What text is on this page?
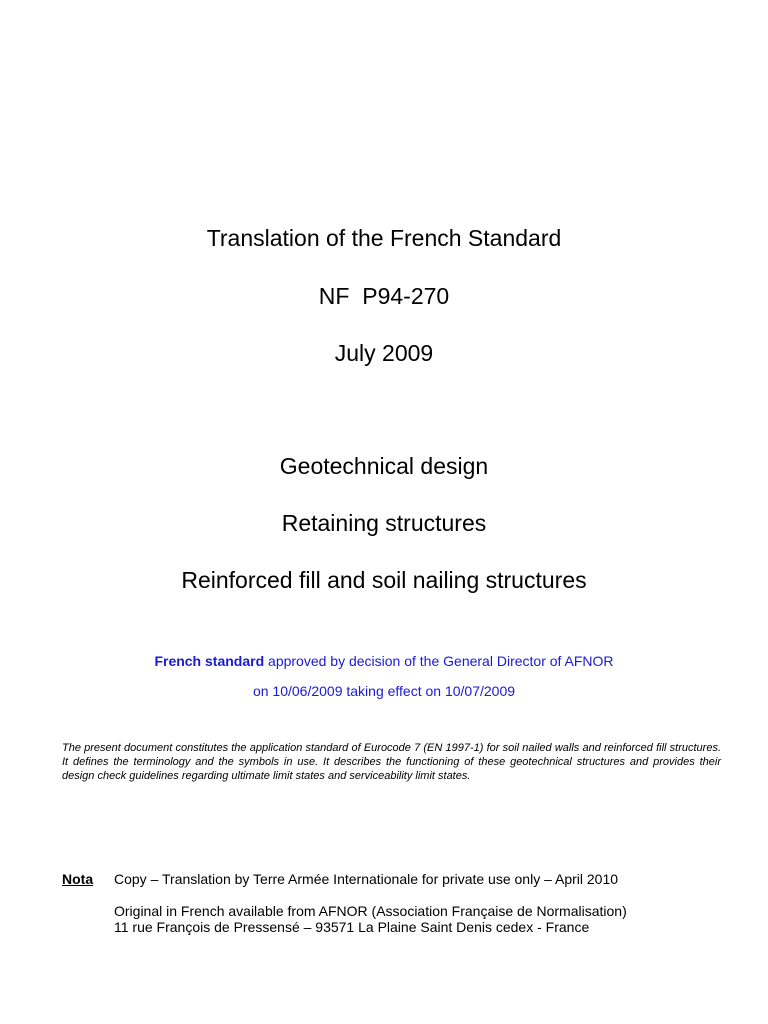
Translation of the French Standard
NF  P94-270
July 2009
Geotechnical design
Retaining structures
Reinforced fill and soil nailing structures
French standard approved by decision of the General Director of AFNOR
on 10/06/2009 taking effect on 10/07/2009
The present document constitutes the application standard of Eurocode 7 (EN 1997-1) for soil nailed walls and reinforced fill structures. It defines the terminology and the symbols in use. It describes the functioning of these geotechnical structures and provides their design check guidelines regarding ultimate limit states and serviceability limit states.
Nota Copy – Translation by Terre Armée Internationale for private use only – April 2010
Original in French available from AFNOR (Association Française de Normalisation)
11 rue François de Pressensé – 93571 La Plaine Saint Denis cedex - France
